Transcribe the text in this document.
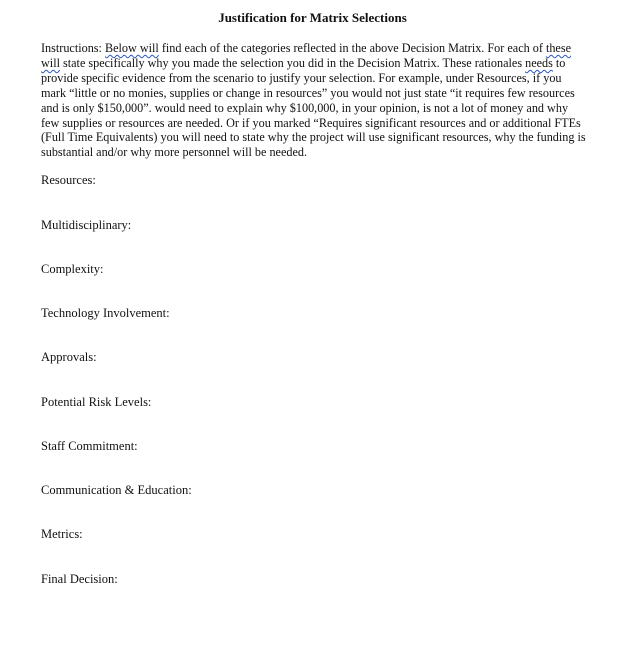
Justification for Matrix Selections

Instructions: Below will find each of the categories reflected in the above Decision Matrix. For each of these will state specifically why you made the selection you did in the Decision Matrix. These rationales needs to provide specific evidence from the scenario to justify your selection. For example, under Resources, if you mark “little or no monies, supplies or change in resources” you would not just state “it requires few resources and is only $150,000”. would need to explain why $100,000, in your opinion, is not a lot of money and why few supplies or resources are needed. Or if you marked “Requires significant resources and or additional FTEs (Full Time Equivalents) you will need to state why the project will use significant resources, why the funding is substantial and/or why more personnel will be needed.

Resources:
Multidisciplinary:
Complexity:
Technology Involvement:
Approvals:
Potential Risk Levels:
Staff Commitment:
Communication & Education:
Metrics:
Final Decision:
